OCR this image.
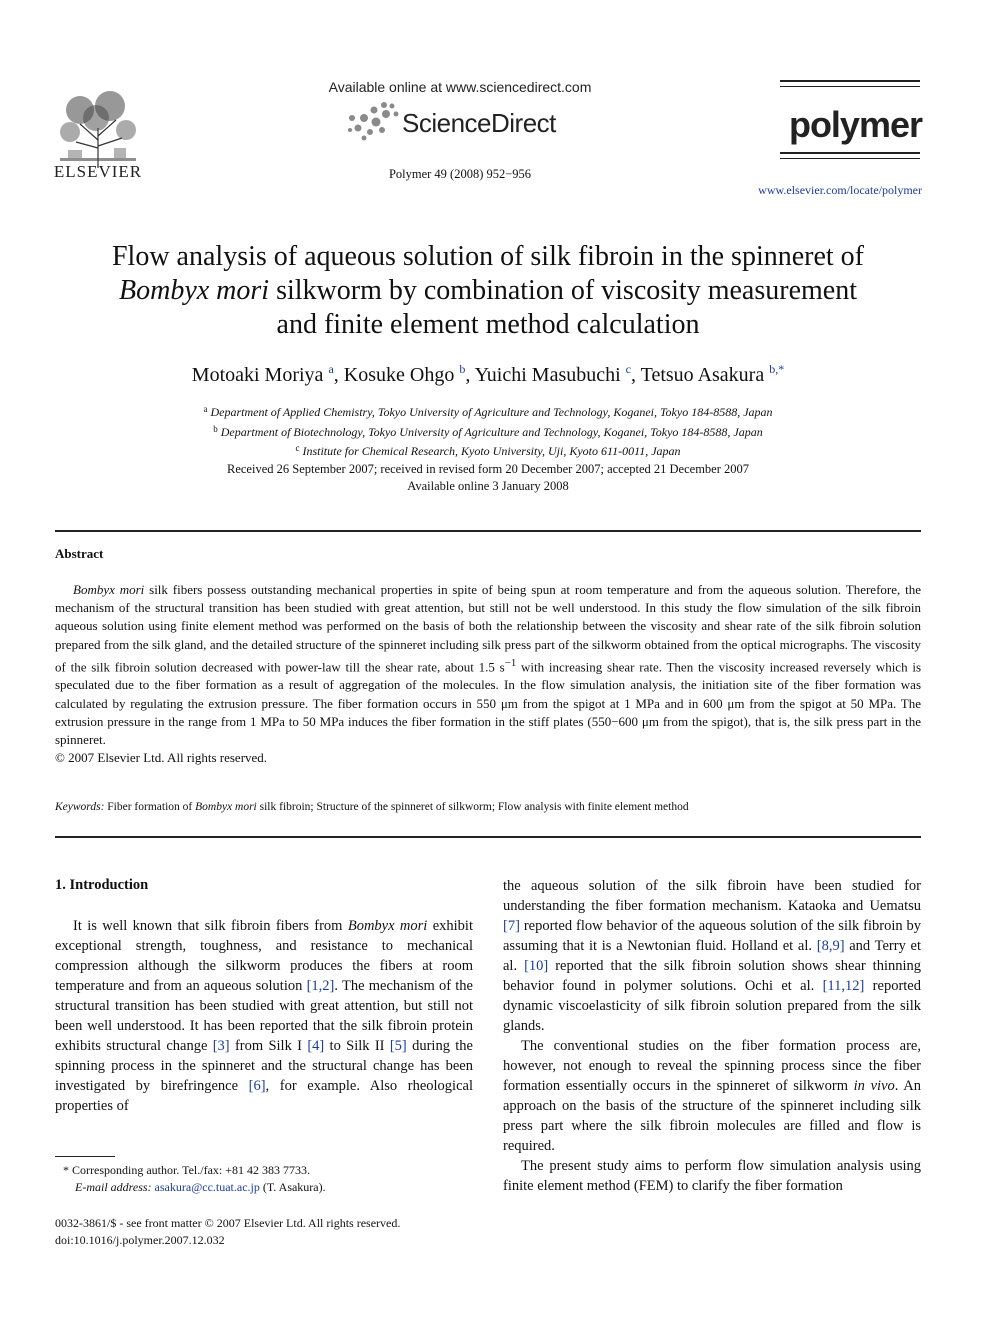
ELSEVIER
Available online at www.sciencedirect.com
ScienceDirect
Polymer 49 (2008) 952−956
polymer
www.elsevier.com/locate/polymer
Flow analysis of aqueous solution of silk fibroin in the spinneret of
Bombyx mori silkworm by combination of viscosity measurement
and finite element method calculation
Motoaki Moriya $^a$, Kosuke Ohgo $^b$, Yuichi Masubuchi $^c$, Tetsuo Asakura $^{b,*}$
$^a$ Department of Applied Chemistry, Tokyo University of Agriculture and Technology, Koganei, Tokyo 184-8588, Japan
$^b$ Department of Biotechnology, Tokyo University of Agriculture and Technology, Koganei, Tokyo 184-8588, Japan
$^c$ Institute for Chemical Research, Kyoto University, Uji, Kyoto 611-0011, Japan
Received 26 September 2007; received in revised form 20 December 2007; accepted 21 December 2007
Available online 3 January 2008
Abstract

Bombyx mori silk fibers possess outstanding mechanical properties in spite of being spun at room temperature and from the aqueous solution. Therefore, the mechanism of the structural transition has been studied with great attention, but still not be well understood. In this study the flow simulation of the silk fibroin aqueous solution using finite element method was performed on the basis of both the relationship between the viscosity and shear rate of the silk fibroin solution prepared from the silk gland, and the detailed structure of the spinneret including silk press part of the silkworm obtained from the optical micrographs. The viscosity of the silk fibroin solution decreased with power-law till the shear rate, about 1.5 $s^{-1}$ with increasing shear rate. Then the viscosity increased reversely which is speculated due to the fiber formation as a result of aggregation of the molecules. In the flow simulation analysis, the initiation site of the fiber formation was calculated by regulating the extrusion pressure. The fiber formation occurs in 550 μm from the spigot at 1 MPa and in 600 μm from the spigot at 50 MPa. The extrusion pressure in the range from 1 MPa to 50 MPa induces the fiber formation in the stiff plates (550−600 μm from the spigot), that is, the silk press part in the spinneret.

© 2007 Elsevier Ltd. All rights reserved.
Keywords: Fiber formation of Bombyx mori silk fibroin; Structure of the spinneret of silkworm; Flow analysis with finite element method
1. Introduction

It is well known that silk fibroin fibers from Bombyx mori exhibit exceptional strength, toughness, and resistance to mechanical compression although the silkworm produces the fibers at room temperature and from an aqueous solution [1,2]. The mechanism of the structural transition has been studied with great attention, but still not been well understood. It has been reported that the silk fibroin protein exhibits structural change [3] from Silk I [4] to Silk II [5] during the spinning process in the spinneret and the structural change has been investigated by birefringence [6], for example. Also rheological properties of

the aqueous solution of the silk fibroin have been studied for understanding the fiber formation mechanism. Kataoka and Uematsu [7] reported flow behavior of the aqueous solution of the silk fibroin by assuming that it is a Newtonian fluid. Holland et al. [8,9] and Terry et al. [10] reported that the silk fibroin solution shows shear thinning behavior found in polymer solutions. Ochi et al. [11,12] reported dynamic viscoelasticity of silk fibroin solution prepared from the silk glands.

The conventional studies on the fiber formation process are, however, not enough to reveal the spinning process since the fiber formation essentially occurs in the spinneret of silkworm in vivo. An approach on the basis of the structure of the spinneret including silk press part where the silk fibroin molecules are filled and flow is required.

The present study aims to perform flow simulation analysis using finite element method (FEM) to clarify the fiber formation

* Corresponding author. Tel./fax: +81 42 383 7733.
E-mail address: asakura@cc.tuat.ac.jp (T. Asakura).
0032-3861/$ - see front matter © 2007 Elsevier Ltd. All rights reserved.
doi:10.1016/j.polymer.2007.12.032
